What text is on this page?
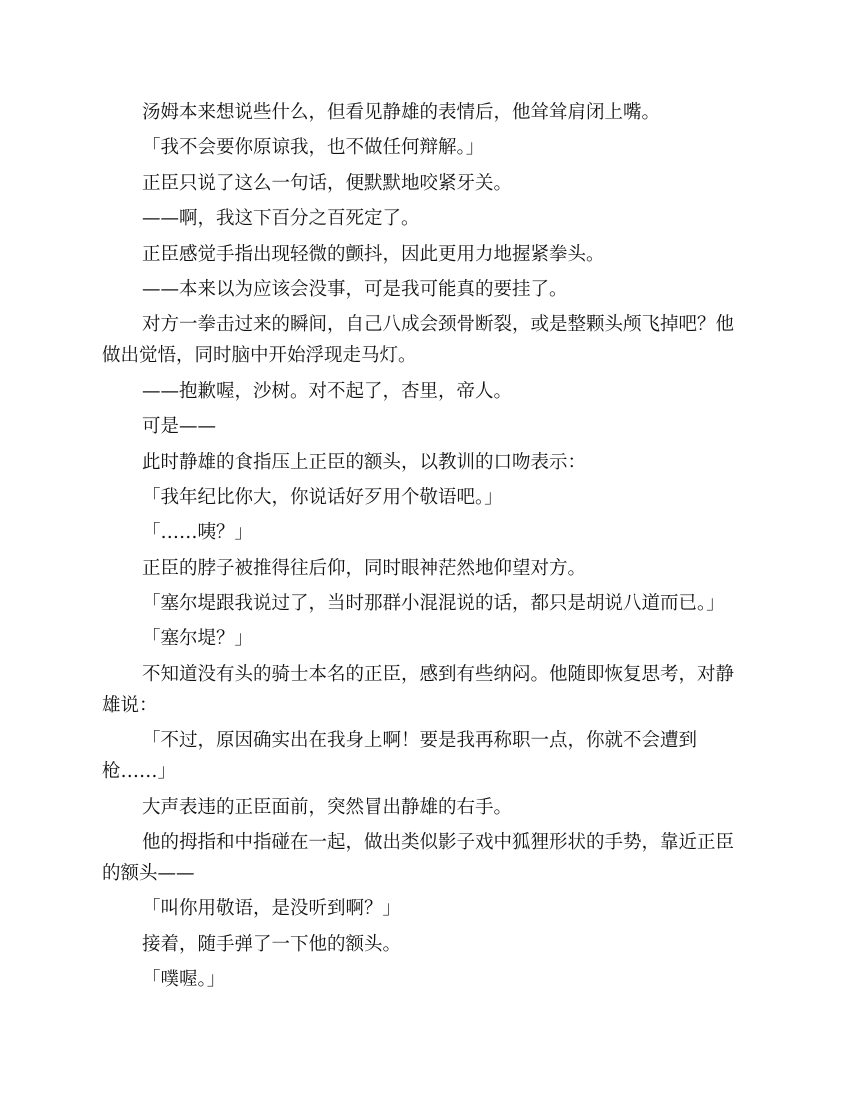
汤姆本来想说些什么，但看见静雄的表情后，他耸耸肩闭上嘴。

「我不会要你原谅我，也不做任何辩解。」

正臣只说了这么一句话，便默默地咬紧牙关。

——啊，我这下百分之百死定了。

正臣感觉手指出现轻微的颤抖，因此更用力地握紧拳头。

——本来以为应该会没事，可是我可能真的要挂了。

对方一拳击过来的瞬间，自己八成会颈骨断裂，或是整颗头颅飞掉吧？他做出觉悟，同时脑中开始浮现走马灯。

——抱歉喔，沙树。对不起了，杏里，帝人。

可是——

此时静雄的食指压上正臣的额头，以教训的口吻表示：

「我年纪比你大，你说话好歹用个敬语吧。」

「……咦？」

正臣的脖子被推得往后仰，同时眼神茫然地仰望对方。

「塞尔堤跟我说过了，当时那群小混混说的话，都只是胡说八道而已。」

「塞尔堤？」

不知道没有头的骑士本名的正臣，感到有些纳闷。他随即恢复思考，对静雄说：

「不过，原因确实出在我身上啊！要是我再称职一点，你就不会遭到枪……」

大声表违的正臣面前，突然冒出静雄的右手。

他的拇指和中指碰在一起，做出类似影子戏中狐狸形状的手势，靠近正臣的额头——

「叫你用敬语，是没听到啊？」

接着，随手弹了一下他的额头。

「噗喔。」
